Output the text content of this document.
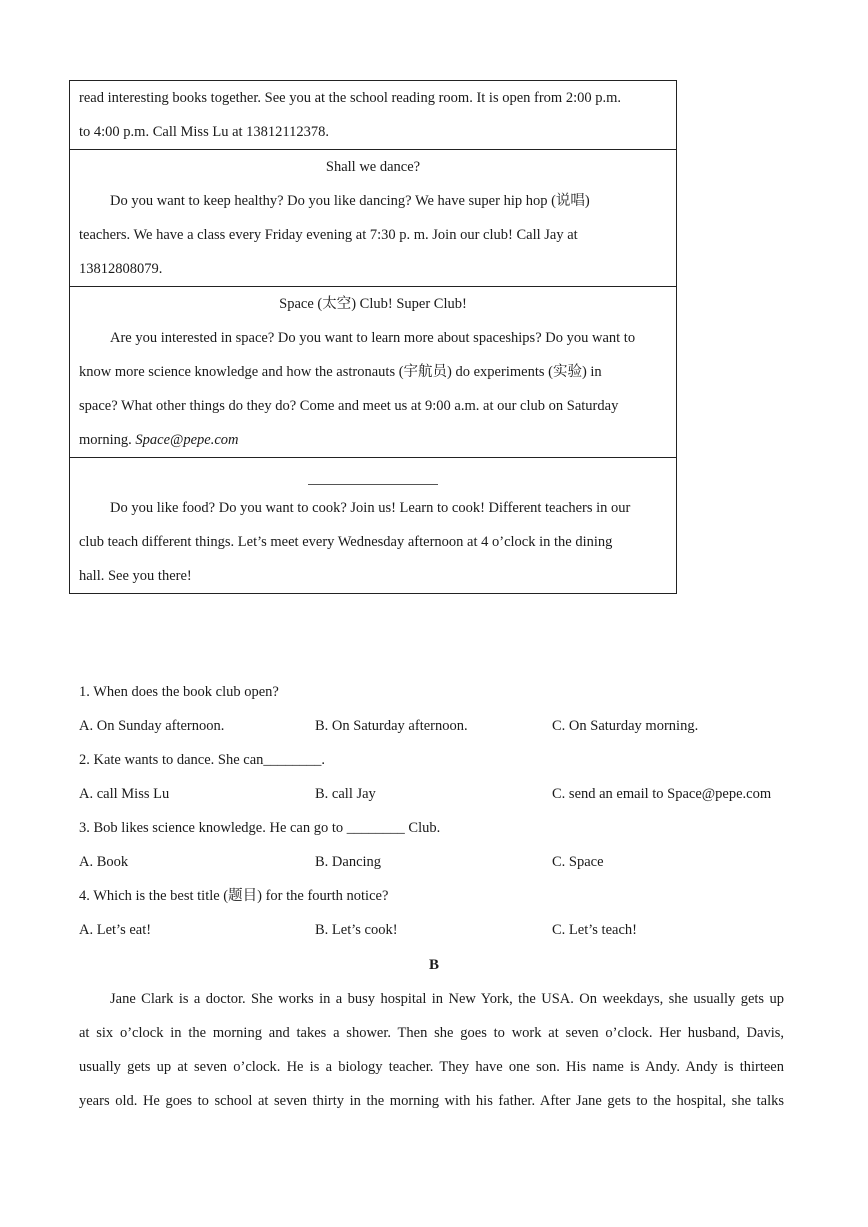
read interesting books together. See you at the school reading room. It is open from 2:00 p.m.
to 4:00 p.m. Call Miss Lu at 13812112378.

Shall we dance?
Do you want to keep healthy? Do you like dancing? We have super hip hop (说唱)
teachers. We have a class every Friday evening at 7:30 p. m. Join our club! Call Jay at
13812808079.

Space (太空) Club! Super Club!
Are you interested in space? Do you want to learn more about spaceships? Do you want to
know more science knowledge and how the astronauts (宇航员) do experiments (实验) in
space? What other things do they do? Come and meet us at 9:00 a.m. at our club on Saturday
morning. Space@pepe.com

Do you like food? Do you want to cook? Join us! Learn to cook! Different teachers in our
club teach different things. Let’s meet every Wednesday afternoon at 4 o’clock in the dining
hall. See you there!
1. When does the book club open?
A. On Sunday afternoon.	B. On Saturday afternoon.	C. On Saturday morning.
2. Kate wants to dance. She can________.
A. call Miss Lu	B. call Jay	C. send an email to Space@pepe.com
3. Bob likes science knowledge. He can go to ________ Club.
A. Book	B. Dancing	C. Space
4. Which is the best title (题目) for the fourth notice?
A. Let’s eat!	B. Let’s cook!	C. Let’s teach!
B
Jane Clark is a doctor. She works in a busy hospital in New York, the USA. On weekdays, she usually gets up
at six o’clock in the morning and takes a shower. Then she goes to work at seven o’clock. Her husband, Davis,
usually gets up at seven o’clock. He is a biology teacher. They have one son. His name is Andy. Andy is thirteen
years old. He goes to school at seven thirty in the morning with his father. After Jane gets to the hospital, she talks
